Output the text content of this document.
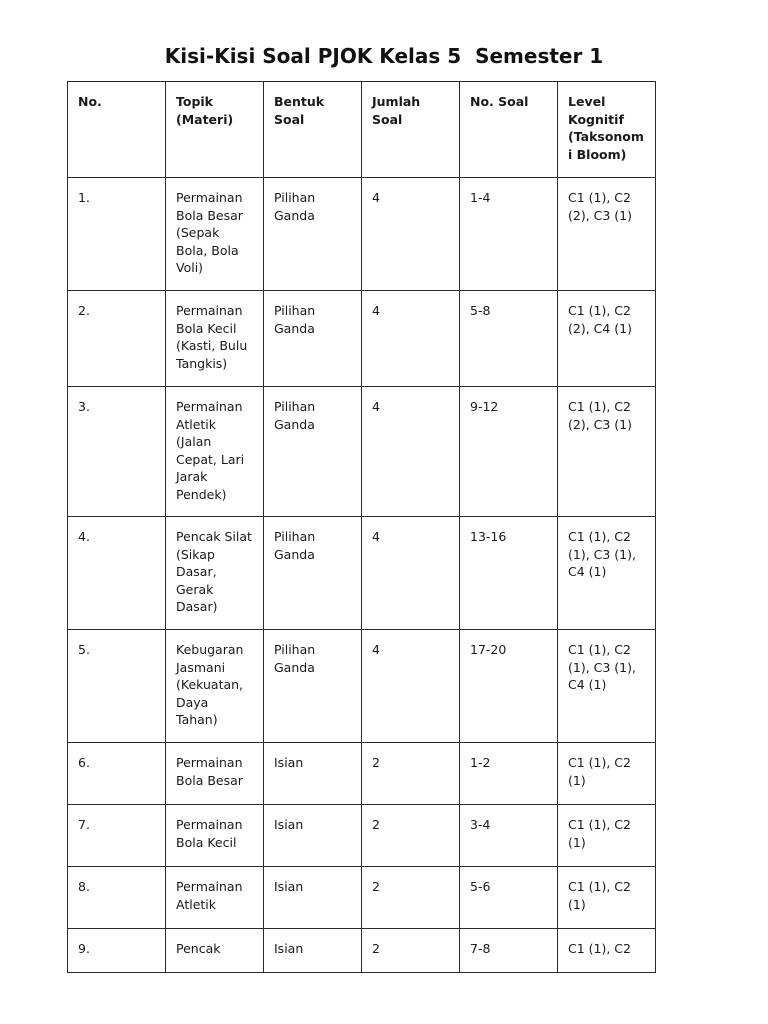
Kisi-Kisi Soal PJOK Kelas 5  Semester 1
No.	Topik (Materi)	Bentuk Soal	Jumlah Soal	No. Soal	Level Kognitif (Taksonomi Bloom)
1.	Permainan Bola Besar (Sepak Bola, Bola Voli)	Pilihan Ganda	4	1-4	C1 (1), C2 (2), C3 (1)
2.	Permainan Bola Kecil (Kasti, Bulu Tangkis)	Pilihan Ganda	4	5-8	C1 (1), C2 (2), C4 (1)
3.	Permainan Atletik (Jalan Cepat, Lari Jarak Pendek)	Pilihan Ganda	4	9-12	C1 (1), C2 (2), C3 (1)
4.	Pencak Silat (Sikap Dasar, Gerak Dasar)	Pilihan Ganda	4	13-16	C1 (1), C2 (1), C3 (1), C4 (1)
5.	Kebugaran Jasmani (Kekuatan, Daya Tahan)	Pilihan Ganda	4	17-20	C1 (1), C2 (1), C3 (1), C4 (1)
6.	Permainan Bola Besar	Isian	2	1-2	C1 (1), C2 (1)
7.	Permainan Bola Kecil	Isian	2	3-4	C1 (1), C2 (1)
8.	Permainan Atletik	Isian	2	5-6	C1 (1), C2 (1)
9.	Pencak	Isian	2	7-8	C1 (1), C2
